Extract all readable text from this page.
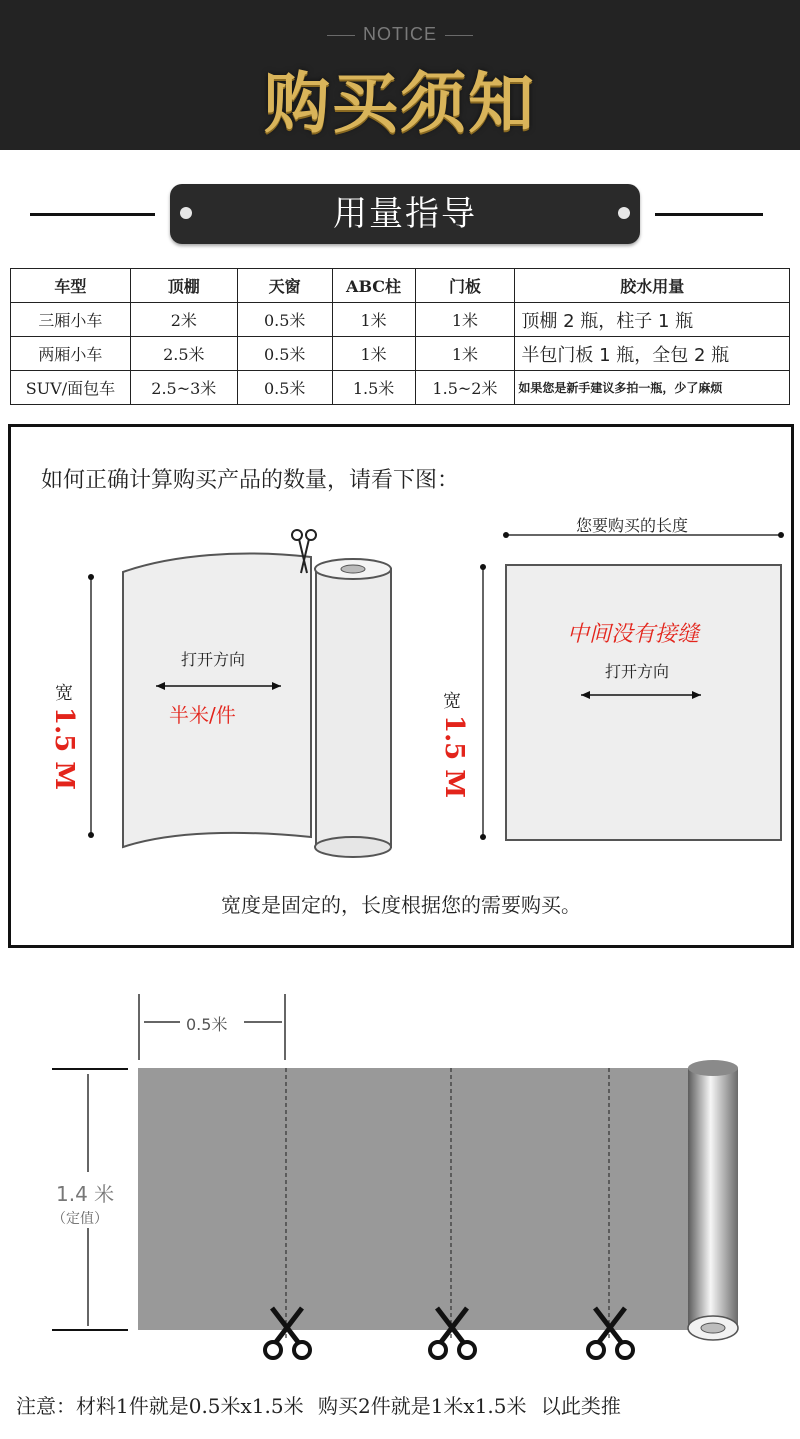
NOTICE
购买须知
用量指导
车型	顶棚	天窗	ABC柱	门板	胶水用量
三厢小车	2米	0.5米	1米	1米	顶棚 2 瓶，柱子 1 瓶
两厢小车	2.5米	0.5米	1米	1米	半包门板 1 瓶，全包 2 瓶
SUV/面包车	2.5~3米	0.5米	1.5米	1.5~2米	如果您是新手建议多拍一瓶，少了麻烦
如何正确计算购买产品的数量，请看下图：
打开方向
半米/件
宽
1.5 M
您要购买的长度
中间没有接缝
打开方向
宽
1.5 M
宽度是固定的，长度根据您的需要购买。
0.5米
1.4 米
（定值）
注意：材料1件就是0.5米x1.5米 购买2件就是1米x1.5米 以此类推
